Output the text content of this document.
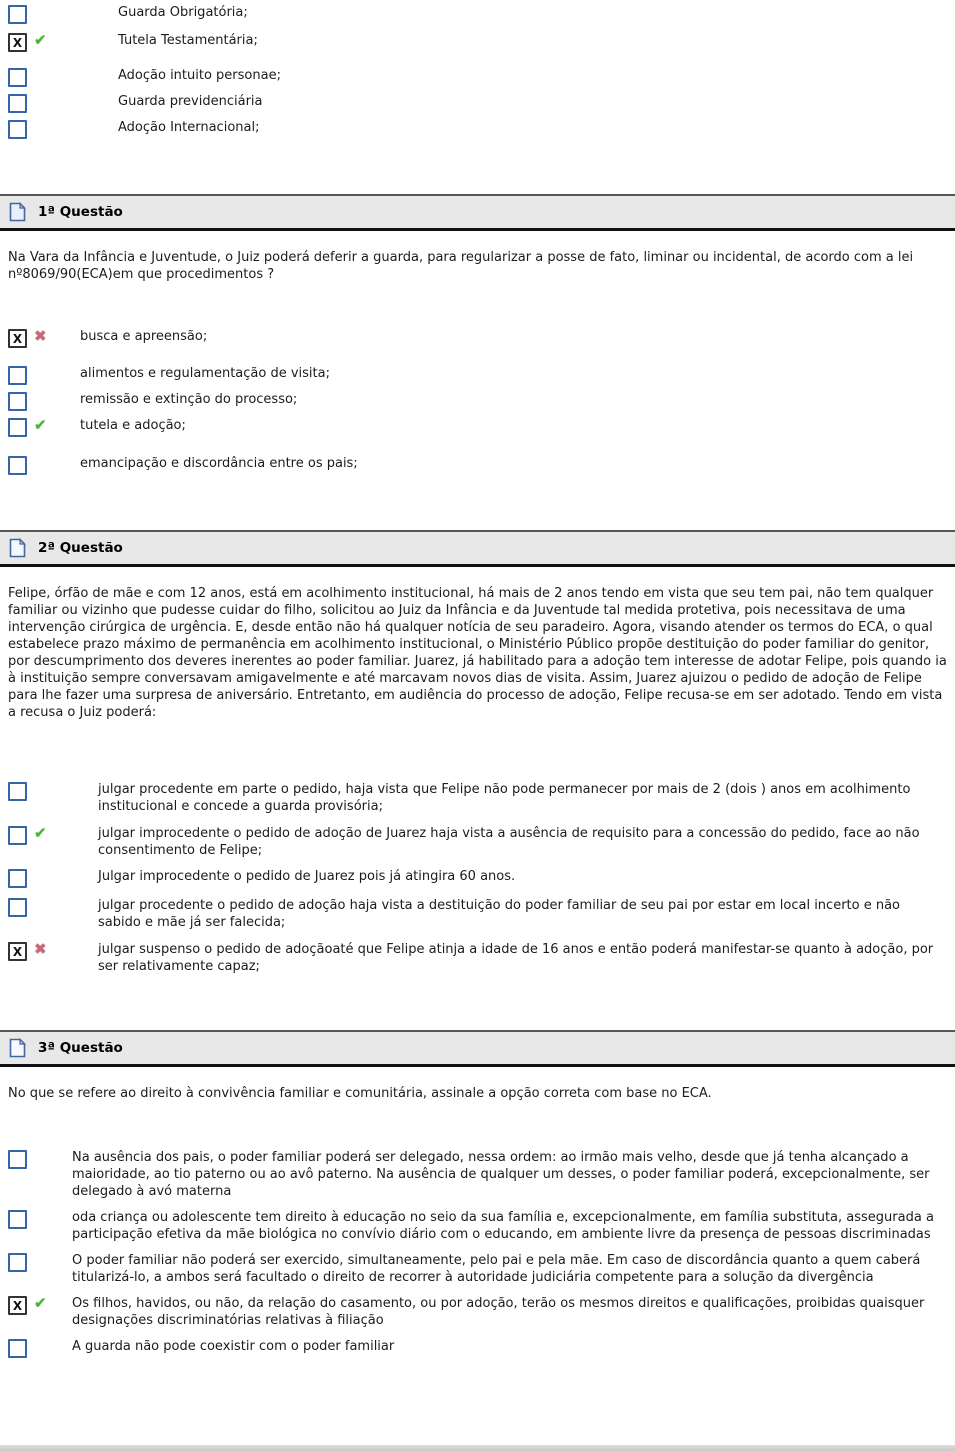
Guarda Obrigatória;
X ✔	Tutela Testamentária;
Adoção intuito personae;
Guarda previdenciária
Adoção Internacional;
1ª Questão

Na Vara da Infância e Juventude, o Juiz poderá deferir a guarda, para regularizar a posse de fato, liminar ou incidental, de acordo com a lei nº8069/90(ECA)em que procedimentos ?

X ✖	busca e apreensão;
alimentos e regulamentação de visita;
remissão e extinção do processo;
✔	tutela e adoção;
emancipação e discordância entre os pais;
2ª Questão

Felipe, órfão de mãe e com 12 anos, está em acolhimento institucional, há mais de 2 anos tendo em vista que seu tem pai, não tem qualquer familiar ou vizinho que pudesse cuidar do filho, solicitou ao Juiz da Infância e da Juventude tal medida protetiva, pois necessitava de uma intervenção cirúrgica de urgência. E, desde então não há qualquer notícia de seu paradeiro. Agora, visando atender os termos do ECA, o qual estabelece prazo máximo de permanência em acolhimento institucional, o Ministério Público propõe destituição do poder familiar do genitor, por descumprimento dos deveres inerentes ao poder familiar. Juarez, já habilitado para a adoção tem interesse de adotar Felipe, pois quando ia à instituição sempre conversavam amigavelmente e até marcavam novos dias de visita. Assim, Juarez ajuizou o pedido de adoção de Felipe para lhe fazer uma surpresa de aniversário. Entretanto, em audiência do processo de adoção, Felipe recusa-se em ser adotado. Tendo em vista a recusa o Juiz poderá:

julgar procedente em parte o pedido, haja vista que Felipe não pode permanecer por mais de 2 (dois ) anos em acolhimento institucional e concede a guarda provisória;
✔	julgar improcedente o pedido de adoção de Juarez haja vista a ausência de requisito para a concessão do pedido, face ao não consentimento de Felipe;
Julgar improcedente o pedido de Juarez pois já atingira 60 anos.
julgar procedente o pedido de adoção haja vista a destituição do poder familiar de seu pai por estar em local incerto e não sabido e mãe já ser falecida;
X ✖	julgar suspenso o pedido de adoçãoaté que Felipe atinja a idade de 16 anos e então poderá manifestar-se quanto à adoção, por ser relativamente capaz;
3ª Questão

No que se refere ao direito à convivência familiar e comunitária, assinale a opção correta com base no ECA.

Na ausência dos pais, o poder familiar poderá ser delegado, nessa ordem: ao irmão mais velho, desde que já tenha alcançado a maioridade, ao tio paterno ou ao avô paterno. Na ausência de qualquer um desses, o poder familiar poderá, excepcionalmente, ser delegado à avó materna
oda criança ou adolescente tem direito à educação no seio da sua família e, excepcionalmente, em família substituta, assegurada a participação efetiva da mãe biológica no convívio diário com o educando, em ambiente livre da presença de pessoas discriminadas
O poder familiar não poderá ser exercido, simultaneamente, pelo pai e pela mãe. Em caso de discordância quanto a quem caberá titularizá-lo, a ambos será facultado o direito de recorrer à autoridade judiciária competente para a solução da divergência
X ✔	Os filhos, havidos, ou não, da relação do casamento, ou por adoção, terão os mesmos direitos e qualificações, proibidas quaisquer designações discriminatórias relativas à filiação
A guarda não pode coexistir com o poder familiar
